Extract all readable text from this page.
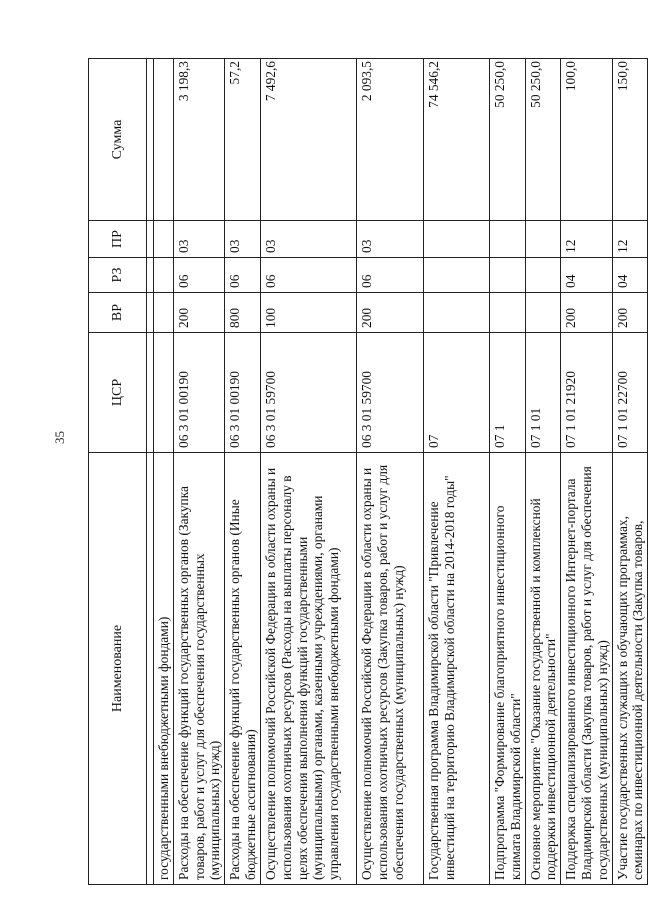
35
Наименование	ЦСР	ВР	РЗ	ПР	Сумма

государственными внебюджетными фондами)					
Расходы на обеспечение функций государственных органов (Закупка товаров, работ и услуг для обеспечения государственных (муниципальных) нужд)	06 3 01 00190	200	06	03	3 198,3
Расходы на обеспечение функций государственных органов (Иные бюджетные ассигнования)	06 3 01 00190	800	06	03	57,2
Осуществление полномочий Российской Федерации в области охраны и использования охотничьих ресурсов (Расходы на выплаты персоналу в целях обеспечения выполнения функций государственными (муниципальными) органами, казенными учреждениями, органами управления государственными внебюджетными фондами)	06 3 01 59700	100	06	03	7 492,6
Осуществление полномочий Российской Федерации в области охраны и использования охотничьих ресурсов (Закупка товаров, работ и услуг для обеспечения государственных (муниципальных) нужд)	06 3 01 59700	200	06	03	2 093,5
Государственная программа Владимирской области "Привлечение инвестиций на территорию Владимирской области на 2014-2018 годы"	07				74 546,2
Подпрограмма "Формирование благоприятного инвестиционного климата Владимирской области"	07 1				50 250,0
Основное мероприятие "Оказание государственной и комплексной поддержки инвестиционной деятельности"	07 1 01				50 250,0
Поддержка специализированного инвестиционного Интернет-портала Владимирской области (Закупка товаров, работ и услуг для обеспечения государственных (муниципальных) нужд)	07 1 01 21920	200	04	12	100,0
Участие государственных служащих в обучающих программах, семинарах по инвестиционной деятельности (Закупка товаров,	07 1 01 22700	200	04	12	150,0
